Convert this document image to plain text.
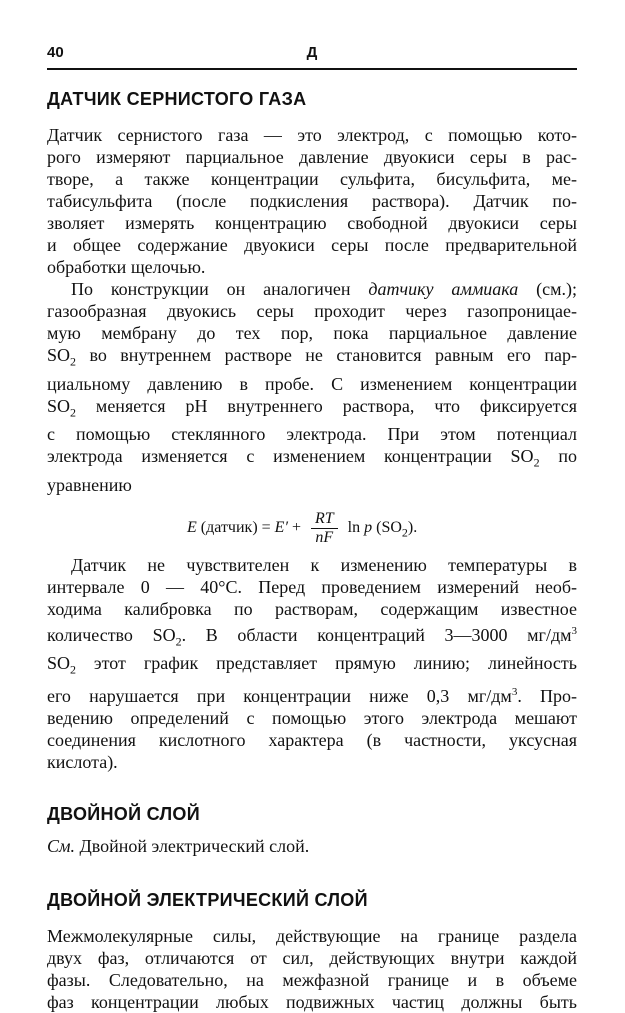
40	Д
ДАТЧИК СЕРНИСТОГО ГАЗА
Датчик сернистого газа — это электрод, с помощью кото-
рого измеряют парциальное давление двуокиси серы в рас-
творе, а также концентрации сульфита, бисульфита, ме-
табисульфита (после подкисления раствора). Датчик по-
зволяет измерять концентрацию свободной двуокиси серы
и общее содержание двуокиси серы после предварительной
обработки щелочью.
По конструкции он аналогичен датчику аммиака (см.);
газообразная двуокись серы проходит через газопроницае-
мую мембрану до тех пор, пока парциальное давление
$SO_2$ во внутреннем растворе не становится равным его пар-
циальному давлению в пробе. С изменением концентрации
$SO_2$ меняется pH внутреннего раствора, что фиксируется
с помощью стеклянного электрода. При этом потенциал
электрода изменяется с изменением концентрации $SO_2$ по
уравнению
E (датчик) = $E' + \frac{RT}{nF}$ ln p $(SO_2)$.
Датчик не чувствителен к изменению температуры в
интервале 0 — 40°C. Перед проведением измерений необ-
ходима калибровка по растворам, содержащим известное
количество $SO_2$. В области концентраций 3—3000 $мг/дм^3$
$SO_2$ этот график представляет прямую линию; линейность
его нарушается при концентрации ниже 0,3 $мг/дм^3$. Про-
ведению определений с помощью этого электрода мешают
соединения кислотного характера (в частности, уксусная
кислота).
ДВОЙНОЙ СЛОЙ
См. Двойной электрический слой.
ДВОЙНОЙ ЭЛЕКТРИЧЕСКИЙ СЛОЙ
Межмолекулярные силы, действующие на границе раздела
двух фаз, отличаются от сил, действующих внутри каждой
фазы. Следовательно, на межфазной границе и в объеме
фаз концентрации любых подвижных частиц должны быть
